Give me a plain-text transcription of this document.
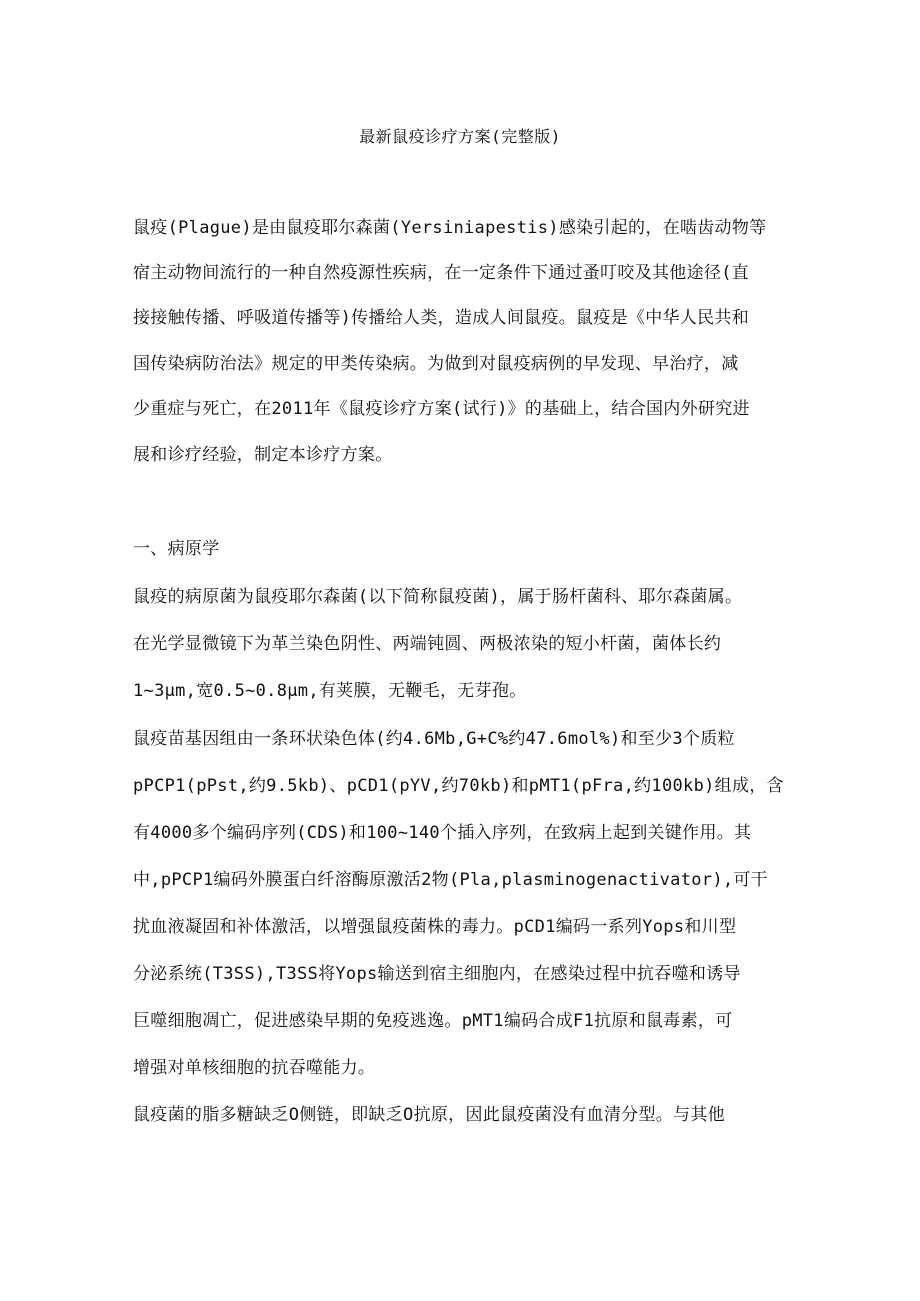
最新鼠疫诊疗方案(完整版)
鼠疫(Plague)是由鼠疫耶尔森菌(Yersiniapestis)感染引起的，在啮齿动物等
宿主动物间流行的一种自然疫源性疾病，在一定条件下通过蚤叮咬及其他途径(直
接接触传播、呼吸道传播等)传播给人类，造成人间鼠疫。鼠疫是《中华人民共和
国传染病防治法》规定的甲类传染病。为做到对鼠疫病例的早发现、早治疗，减
少重症与死亡，在2011年《鼠疫诊疗方案(试行)》的基础上，结合国内外研究进
展和诊疗经验，制定本诊疗方案。
一、病原学
鼠疫的病原菌为鼠疫耶尔森菌(以下简称鼠疫菌)，属于肠杆菌科、耶尔森菌属。
在光学显微镜下为革兰染色阴性、两端钝圆、两极浓染的短小杆菌，菌体长约
1~3μm,宽0.5~0.8μm,有荚膜，无鞭毛，无芽孢。
鼠疫苗基因组由一条环状染色体(约4.6Mb,G+C%约47.6mol%)和至少3个质粒
pPCP1(pPst,约9.5kb)、pCD1(pYV,约70kb)和pMT1(pFra,约100kb)组成，含
有4000多个编码序列(CDS)和100~140个插入序列，在致病上起到关键作用。其
中,pPCP1编码外膜蛋白纤溶酶原激活2物(Pla,plasminogenactivator),可干
扰血液凝固和补体激活，以增强鼠疫菌株的毒力。pCD1编码一系列Yops和川型
分泌系统(T3SS),T3SS将Yops输送到宿主细胞内，在感染过程中抗吞噬和诱导
巨噬细胞凋亡，促进感染早期的免疫逃逸。pMT1编码合成F1抗原和鼠毒素，可
增强对单核细胞的抗吞噬能力。
鼠疫菌的脂多糖缺乏O侧链，即缺乏O抗原，因此鼠疫菌没有血清分型。与其他
